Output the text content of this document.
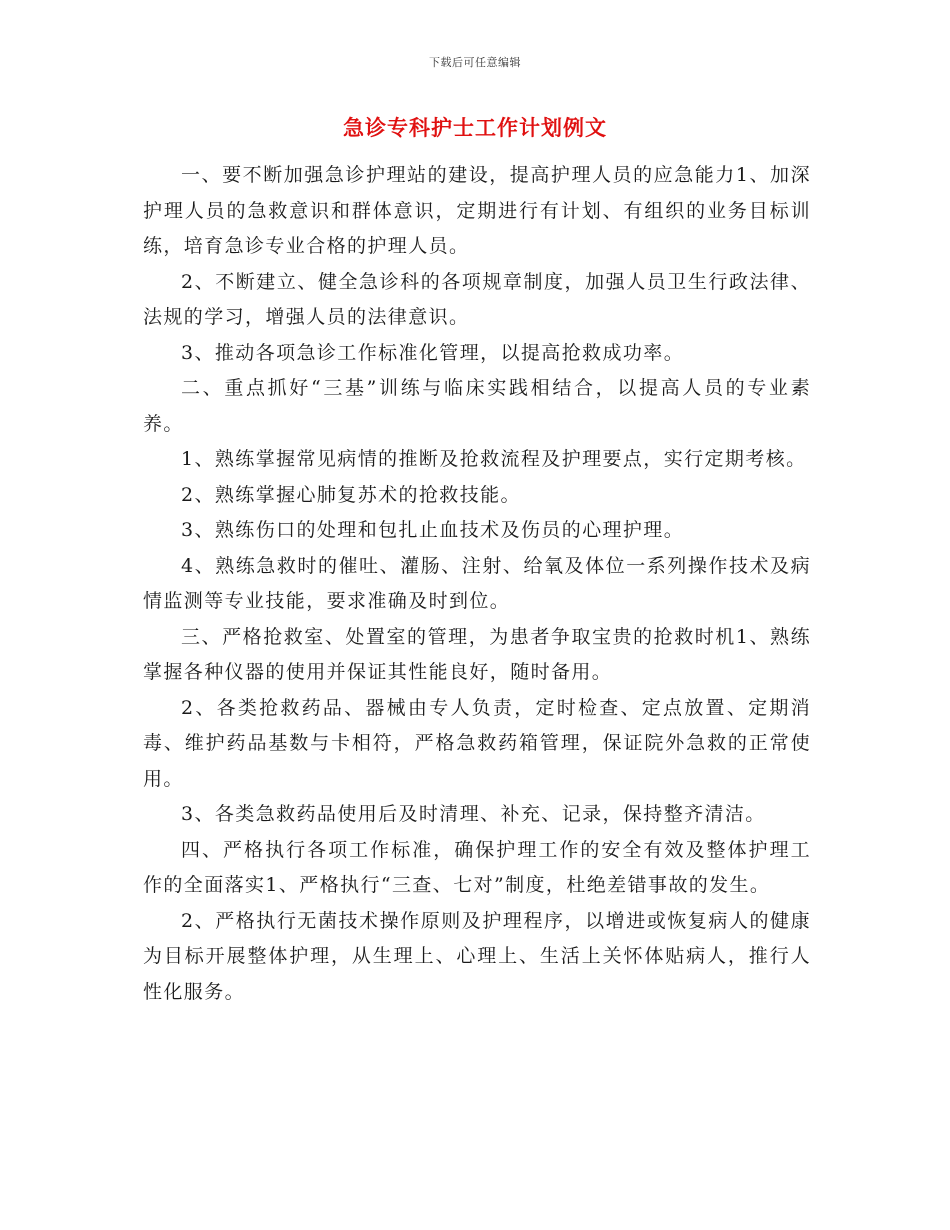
下载后可任意编辑
急诊专科护士工作计划例文

一、要不断加强急诊护理站的建设，提高护理人员的应急能力1、加深护理人员的急救意识和群体意识，定期进行有计划、有组织的业务目标训练，培育急诊专业合格的护理人员。

2、不断建立、健全急诊科的各项规章制度，加强人员卫生行政法律、法规的学习，增强人员的法律意识。

3、推动各项急诊工作标准化管理，以提高抢救成功率。

二、重点抓好“三基”训练与临床实践相结合，以提高人员的专业素养。

1、熟练掌握常见病情的推断及抢救流程及护理要点，实行定期考核。

2、熟练掌握心肺复苏术的抢救技能。

3、熟练伤口的处理和包扎止血技术及伤员的心理护理。

4、熟练急救时的催吐、灌肠、注射、给氧及体位一系列操作技术及病情监测等专业技能，要求准确及时到位。

三、严格抢救室、处置室的管理，为患者争取宝贵的抢救时机1、熟练掌握各种仪器的使用并保证其性能良好，随时备用。

2、各类抢救药品、器械由专人负责，定时检查、定点放置、定期消毒、维护药品基数与卡相符，严格急救药箱管理，保证院外急救的正常使用。

3、各类急救药品使用后及时清理、补充、记录，保持整齐清洁。

四、严格执行各项工作标准，确保护理工作的安全有效及整体护理工作的全面落实1、严格执行“三查、七对”制度，杜绝差错事故的发生。

2、严格执行无菌技术操作原则及护理程序，以增进或恢复病人的健康为目标开展整体护理，从生理上、心理上、生活上关怀体贴病人，推行人性化服务。
